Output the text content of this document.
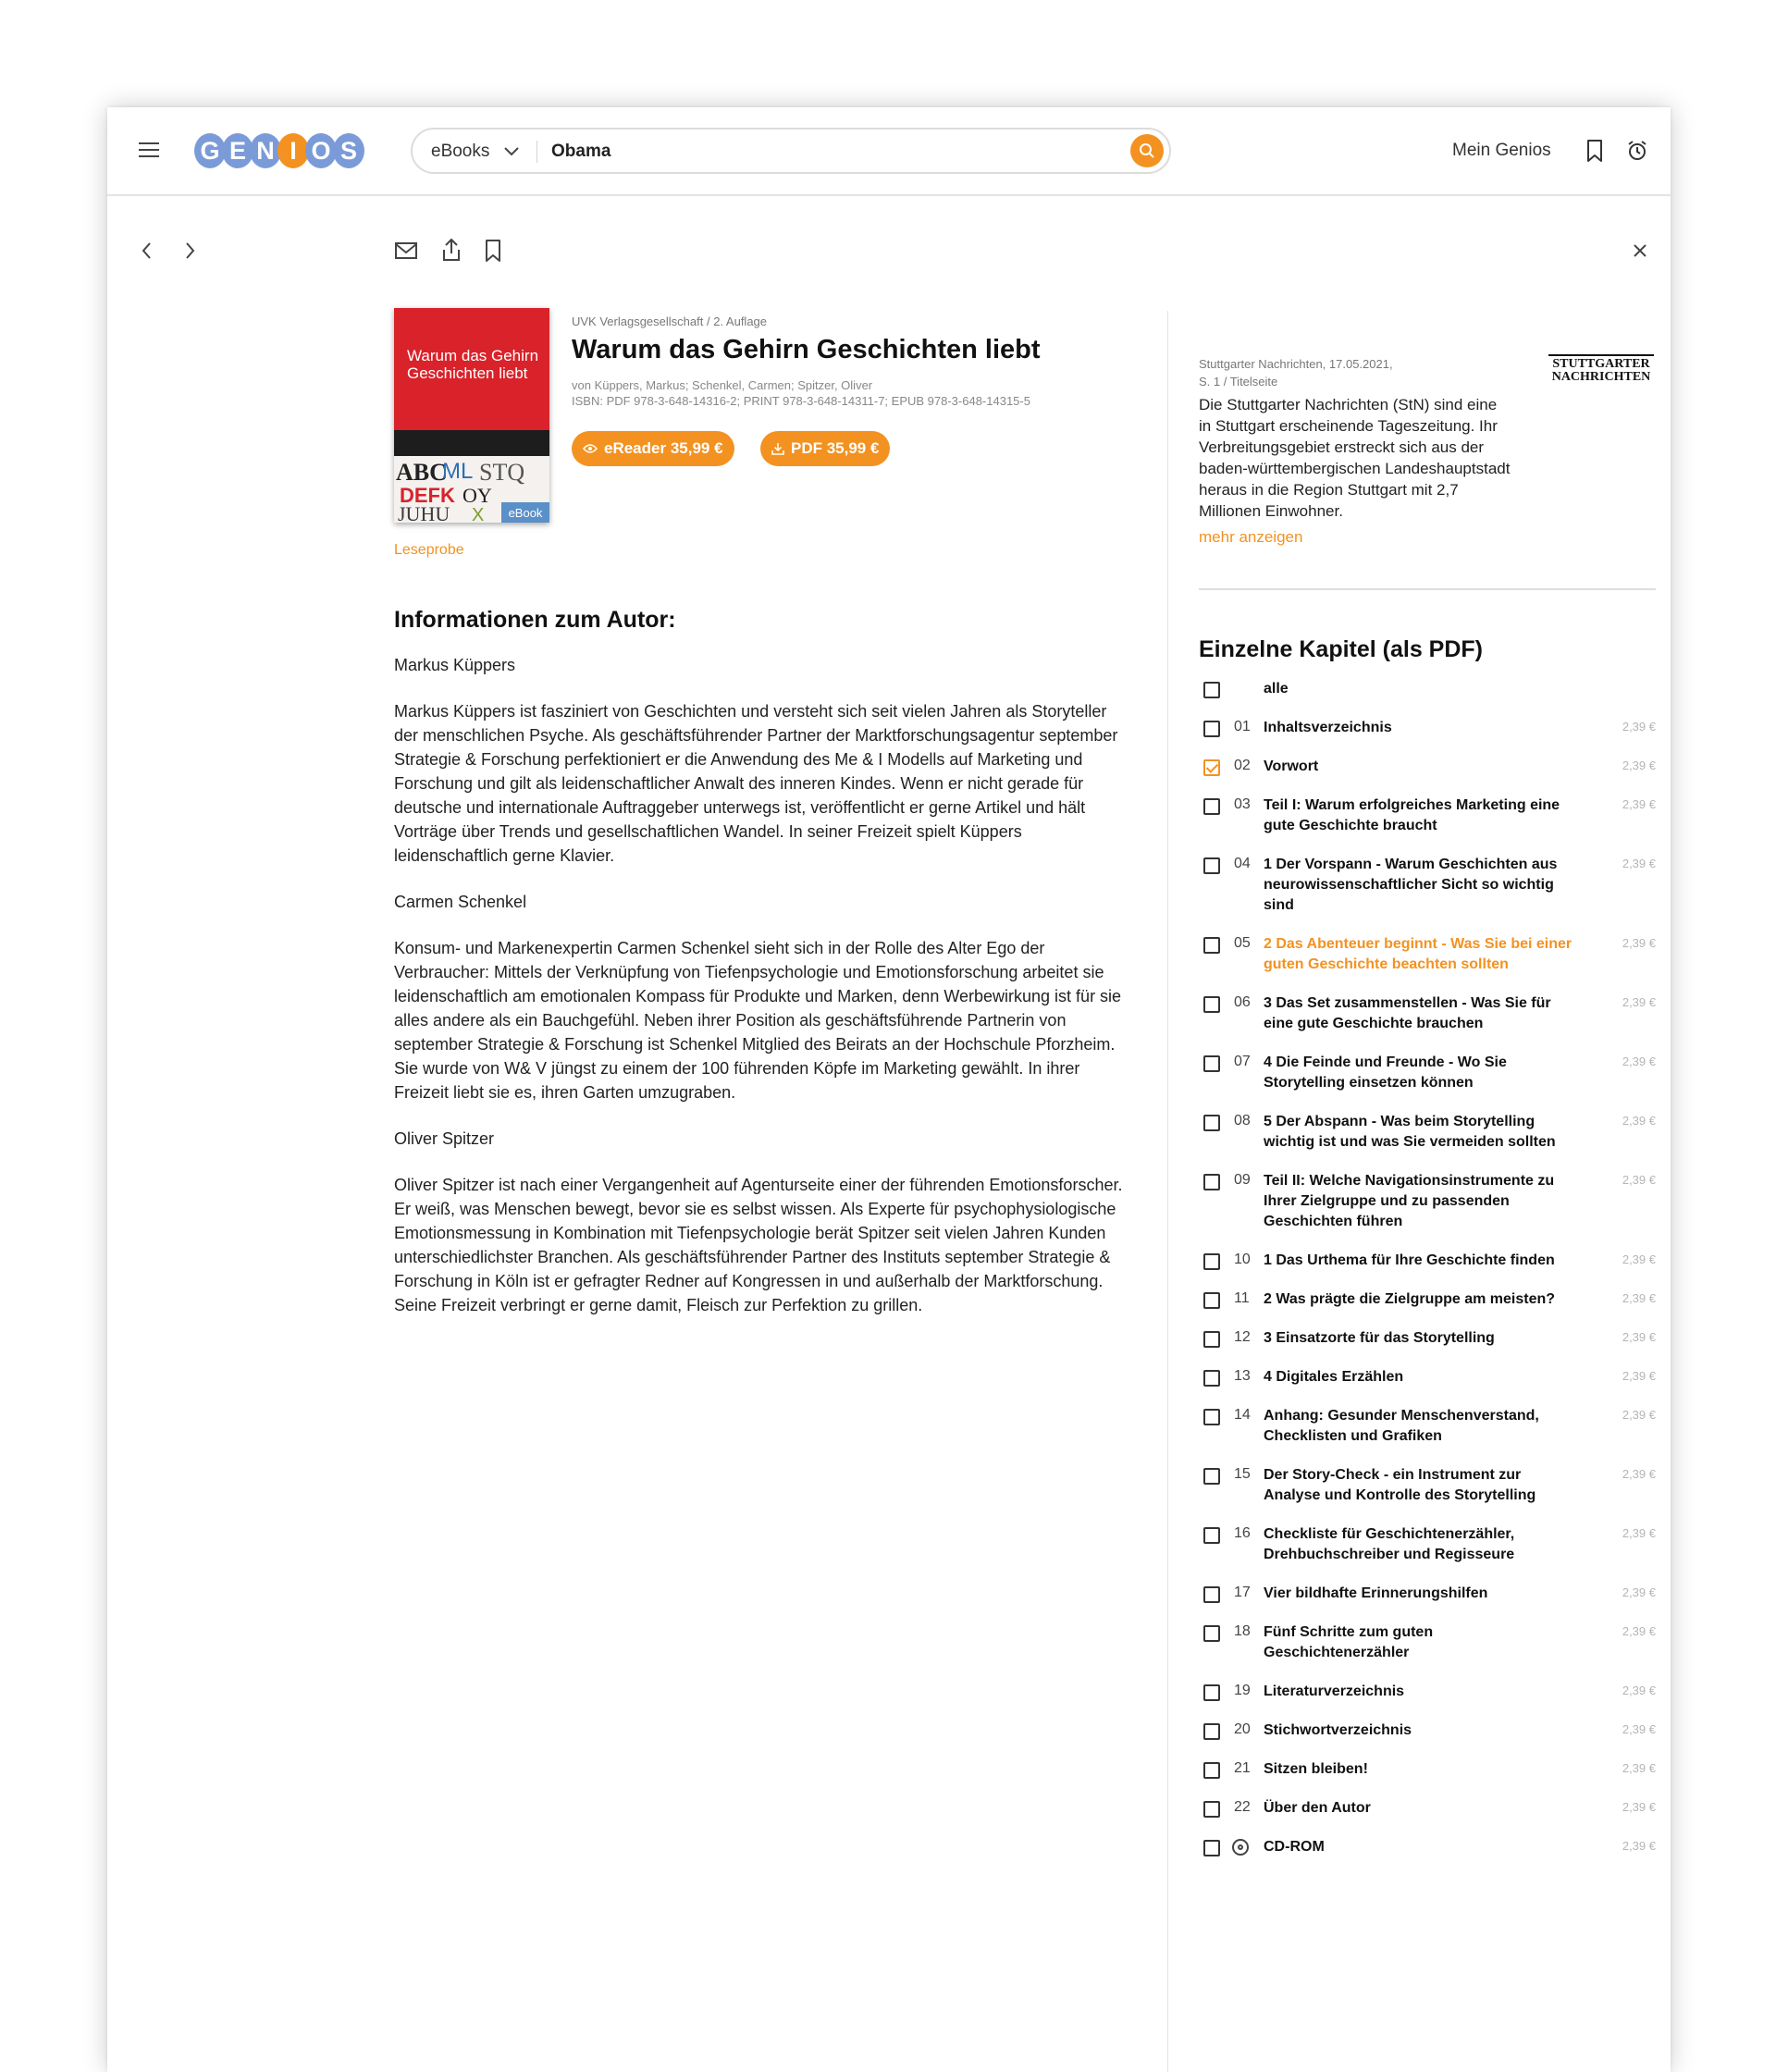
G E N I O S	eBooks
Obama	Mein Genios
Warum das Gehirn Geschichten liebt
ABC
ML STQ
DEFK OY
JUHU X	eBook
Leseprobe
UVK Verlagsgesellschaft / 2. Auflage
Warum das Gehirn Geschichten liebt
von Küppers, Markus; Schenkel, Carmen; Spitzer, Oliver
ISBN: PDF 978-3-648-14316-2; PRINT 978-3-648-14311-7; EPUB 978-3-648-14315-5
eReader 35,99 €	PDF 35,99 €
Informationen zum Autor:

Markus Küppers

Markus Küppers ist fasziniert von Geschichten und versteht sich seit vielen Jahren als Storyteller der menschlichen Psyche. Als geschäftsführender Partner der Marktforschungsagentur september Strategie & Forschung perfektioniert er die Anwendung des Me & I Modells auf Marketing und Forschung und gilt als leidenschaftlicher Anwalt des inneren Kindes. Wenn er nicht gerade für deutsche und internationale Auftraggeber unterwegs ist, veröffentlicht er gerne Artikel und hält Vorträge über Trends und gesellschaftlichen Wandel. In seiner Freizeit spielt Küppers leidenschaftlich gerne Klavier.

Carmen Schenkel

Konsum- und Markenexpertin Carmen Schenkel sieht sich in der Rolle des Alter Ego der Verbraucher: Mittels der Verknüpfung von Tiefenpsychologie und Emotionsforschung arbeitet sie leidenschaftlich am emotionalen Kompass für Produkte und Marken, denn Werbewirkung ist für sie alles andere als ein Bauchgefühl. Neben ihrer Position als geschäftsführende Partnerin von september Strategie & Forschung ist Schenkel Mitglied des Beirats an der Hochschule Pforzheim. Sie wurde von W& V jüngst zu einem der 100 führenden Köpfe im Marketing gewählt. In ihrer Freizeit liebt sie es, ihren Garten umzugraben.

Oliver Spitzer

Oliver Spitzer ist nach einer Vergangenheit auf Agenturseite einer der führenden Emotionsforscher. Er weiß, was Menschen bewegt, bevor sie es selbst wissen. Als Experte für psychophysiologische Emotionsmessung in Kombination mit Tiefenpsychologie berät Spitzer seit vielen Jahren Kunden unterschiedlichster Branchen. Als geschäftsführender Partner des Instituts september Strategie & Forschung in Köln ist er gefragter Redner auf Kongressen in und außerhalb der Marktforschung. Seine Freizeit verbringt er gerne damit, Fleisch zur Perfektion zu grillen.

Stuttgarter Nachrichten, 17.05.2021,
S. 1 / Titelseite
STUTTGARTER NACHRICHTEN
Die Stuttgarter Nachrichten (StN) sind eine in Stuttgart erscheinende Tageszeitung. Ihr Verbreitungsgebiet erstreckt sich aus der baden-württembergischen Landeshauptstadt heraus in die Region Stuttgart mit 2,7 Millionen Einwohner.
mehr anzeigen
Einzelne Kapitel (als PDF)
alle
01 Inhaltsverzeichnis	2,39 €
02 Vorwort	2,39 €
03 Teil I: Warum erfolgreiches Marketing eine gute Geschichte braucht
2,39 €
04 1 Der Vorspann - Warum Geschichten aus neurowissenschaftlicher Sicht so wichtig sind
2,39 €
05 2 Das Abenteuer beginnt - Was Sie bei einer guten Geschichte beachten sollten
2,39 €
06 3 Das Set zusammenstellen - Was Sie für eine gute Geschichte brauchen
2,39 €
07 4 Die Feinde und Freunde - Wo Sie Storytelling einsetzen können
2,39 €
08 5 Der Abspann - Was beim Storytelling wichtig ist und was Sie vermeiden sollten
2,39 €
09 Teil II: Welche Navigationsinstrumente zu Ihrer Zielgruppe und zu passenden Geschichten führen
2,39 €
10 1 Das Urthema für Ihre Geschichte finden	2,39 €
11 2 Was prägte die Zielgruppe am meisten?	2,39 €
12 3 Einsatzorte für das Storytelling	2,39 €
13 4 Digitales Erzählen	2,39 €
14 Anhang: Gesunder Menschenverstand, Checklisten und Grafiken
2,39 €
15 Der Story-Check - ein Instrument zur Analyse und Kontrolle des Storytelling
2,39 €
16 Checkliste für Geschichtenerzähler, Drehbuchschreiber und Regisseure
2,39 €
17 Vier bildhafte Erinnerungshilfen	2,39 €
18 Fünf Schritte zum guten Geschichtenerzähler
2,39 €
19 Literaturverzeichnis	2,39 €
20 Stichwortverzeichnis	2,39 €
21 Sitzen bleiben!	2,39 €
22 Über den Autor	2,39 €
CD-ROM	2,39 €
